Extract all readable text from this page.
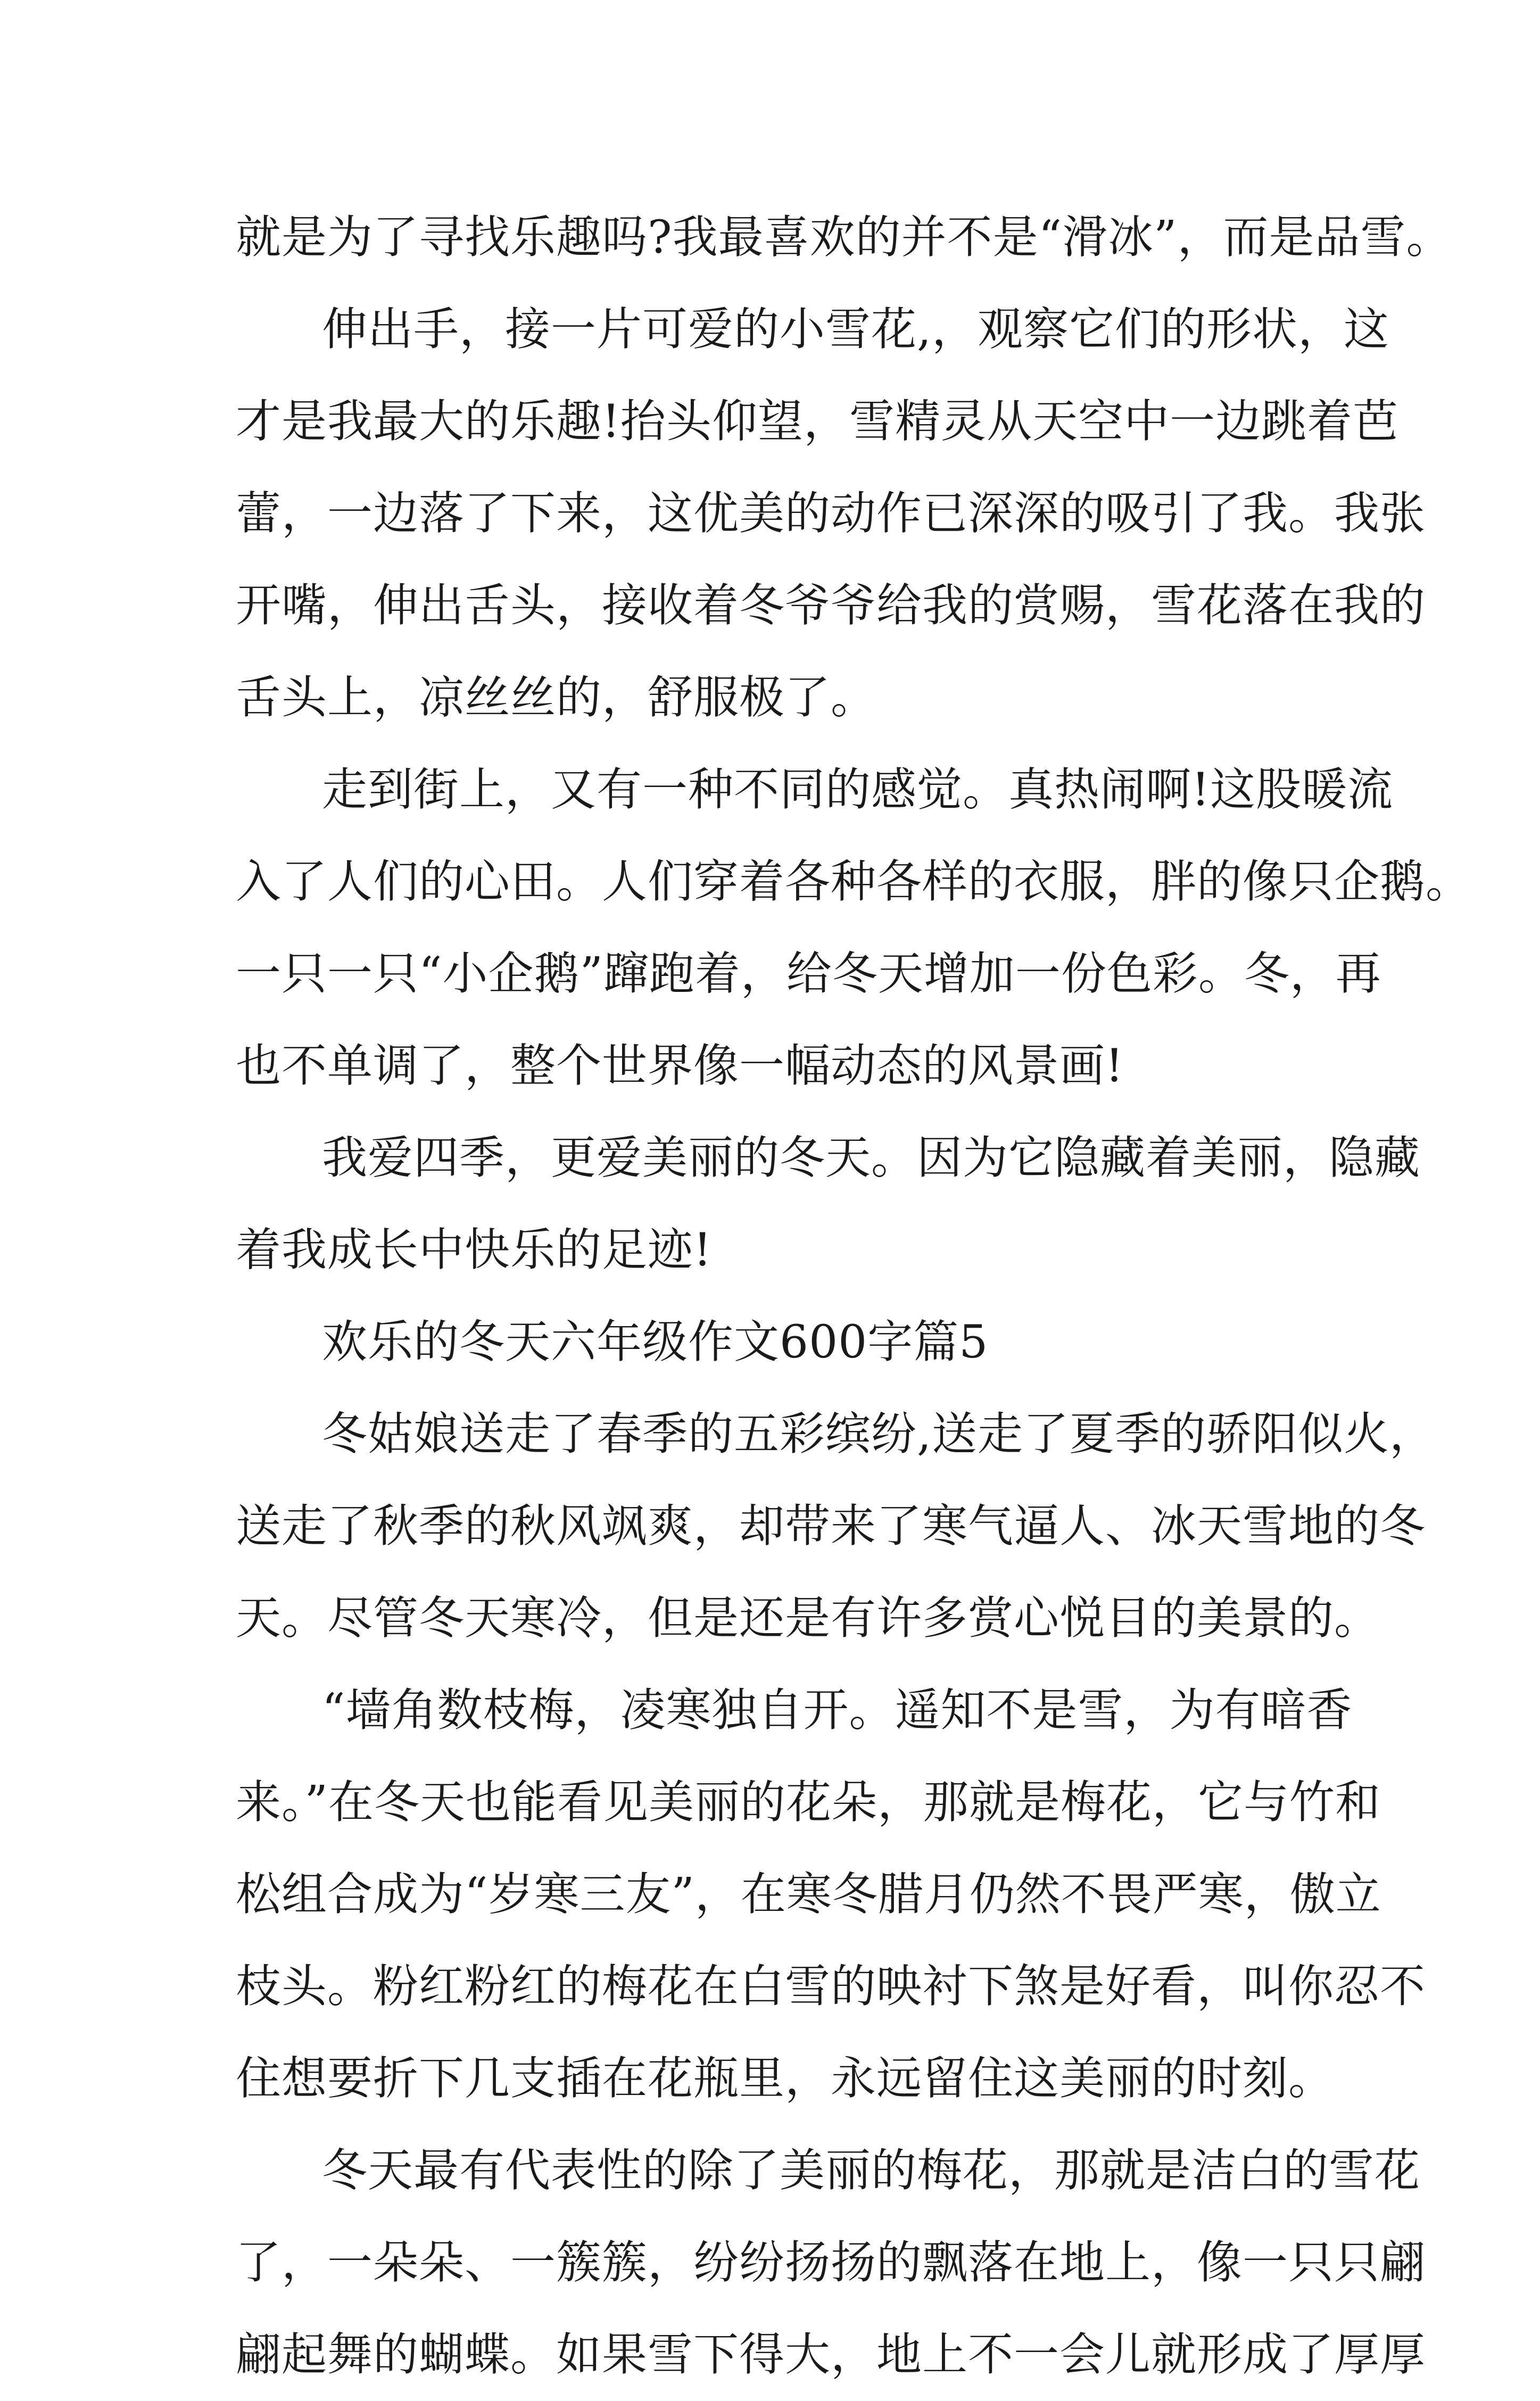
就是为了寻找乐趣吗?我最喜欢的并不是“滑冰”，而是品雪。
伸出手，接一片可爱的小雪花,，观察它们的形状，这
才是我最大的乐趣!抬头仰望，雪精灵从天空中一边跳着芭
蕾，一边落了下来，这优美的动作已深深的吸引了我。我张
开嘴，伸出舌头，接收着冬爷爷给我的赏赐，雪花落在我的
舌头上，凉丝丝的，舒服极了。
走到街上，又有一种不同的感觉。真热闹啊!这股暖流
入了人们的心田。人们穿着各种各样的衣服，胖的像只企鹅。
一只一只“小企鹅”蹿跑着，给冬天增加一份色彩。冬，再
也不单调了，整个世界像一幅动态的风景画!
我爱四季，更爱美丽的冬天。因为它隐藏着美丽，隐藏
着我成长中快乐的足迹!
欢乐的冬天六年级作文600字篇5
冬姑娘送走了春季的五彩缤纷,送走了夏季的骄阳似火，
送走了秋季的秋风飒爽，却带来了寒气逼人、冰天雪地的冬
天。尽管冬天寒冷，但是还是有许多赏心悦目的美景的。
“墙角数枝梅，凌寒独自开。遥知不是雪，为有暗香
来。”在冬天也能看见美丽的花朵，那就是梅花，它与竹和
松组合成为“岁寒三友”，在寒冬腊月仍然不畏严寒，傲立
枝头。粉红粉红的梅花在白雪的映衬下煞是好看，叫你忍不
住想要折下几支插在花瓶里，永远留住这美丽的时刻。
冬天最有代表性的除了美丽的梅花，那就是洁白的雪花
了，一朵朵、一簇簇，纷纷扬扬的飘落在地上，像一只只翩
翩起舞的蝴蝶。如果雪下得大，地上不一会儿就形成了厚厚
